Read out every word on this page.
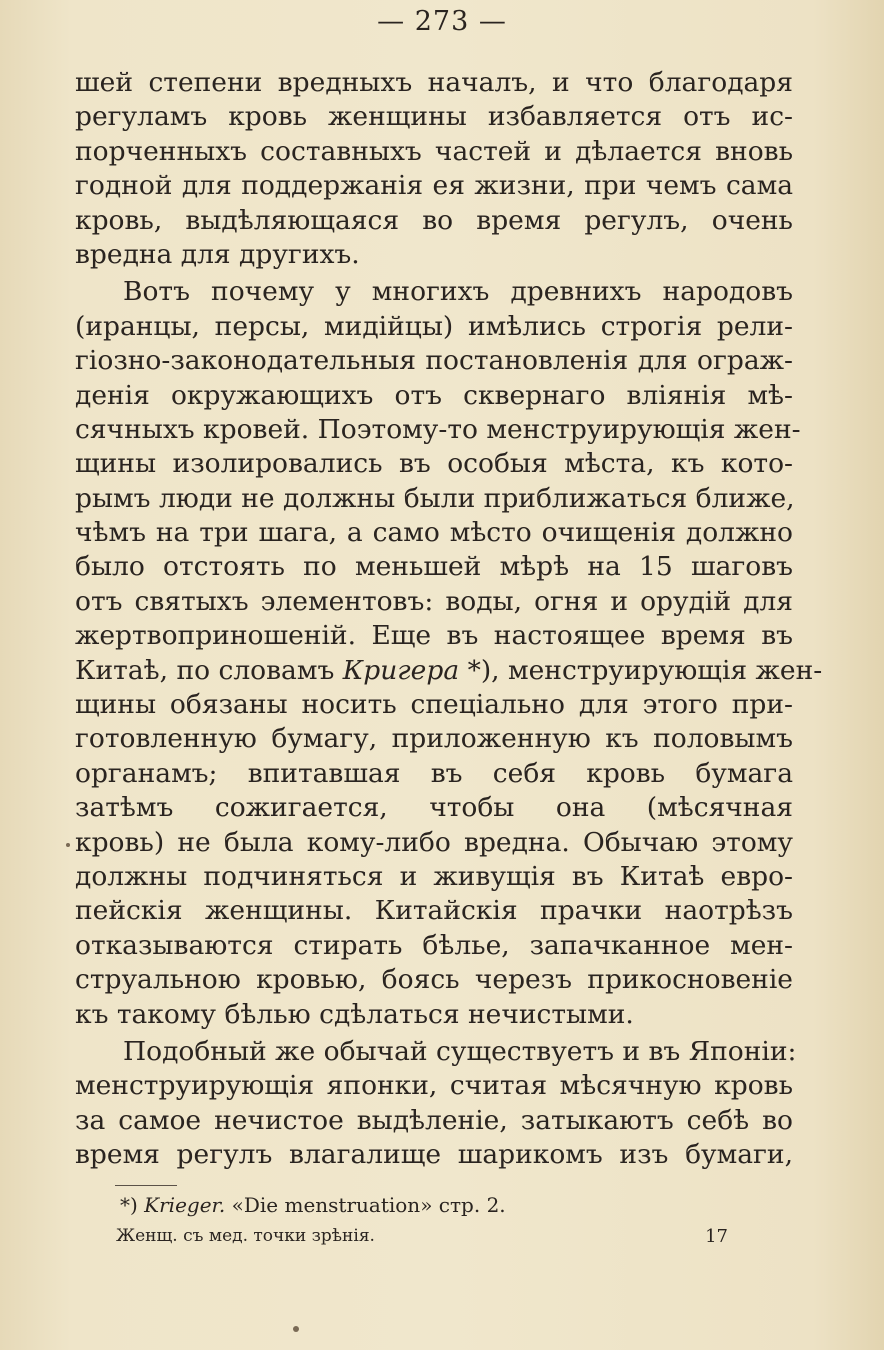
— 273 —
шей степени вредныхъ началъ, и что благодаря
регуламъ кровь женщины избавляется отъ ис-
порченныхъ составныхъ частей и дѣлается вновь
годной для поддержанія ея жизни, при чемъ сама
кровь, выдѣляющаяся во время регулъ, очень
вредна для другихъ.
Вотъ почему у многихъ древнихъ народовъ
(иранцы, персы, мидійцы) имѣлись строгія рели-
гіозно-законодательныя постановленія для ограж-
денія окружающихъ отъ сквернаго вліянія мѣ-
сячныхъ кровей. Поэтому-то менструирующія жен-
щины изолировались въ особыя мѣста, къ кото-
рымъ люди не должны были приближаться ближе,
чѣмъ на три шага, а само мѣсто очищенія должно
было отстоять по меньшей мѣрѣ на 15 шаговъ
отъ святыхъ элементовъ: воды, огня и орудій для
жертвоприношеній. Еще въ настоящее время въ
Китаѣ, по словамъ Кригера *), менструирующія жен-
щины обязаны носить спеціально для этого при-
готовленную бумагу, приложенную къ половымъ
органамъ; впитавшая въ себя кровь бумага
затѣмъ сожигается, чтобы она (мѣсячная
кровь) не была кому-либо вредна. Обычаю этому
должны подчиняться и живущія въ Китаѣ евро-
пейскія женщины. Китайскія прачки наотрѣзъ
отказываются стирать бѣлье, запачканное мен-
струальною кровью, боясь черезъ прикосновеніе
къ такому бѣлью сдѣлаться нечистыми.
Подобный же обычай существуетъ и въ Японіи:
менструирующія японки, считая мѣсячную кровь
за самое нечистое выдѣленіе, затыкаютъ себѣ во
время регулъ влагалище шарикомъ изъ бумаги,
*) Krieger. «Die menstruation» стр. 2.
Женщ. съ мед. точки зрѣнія.	17
